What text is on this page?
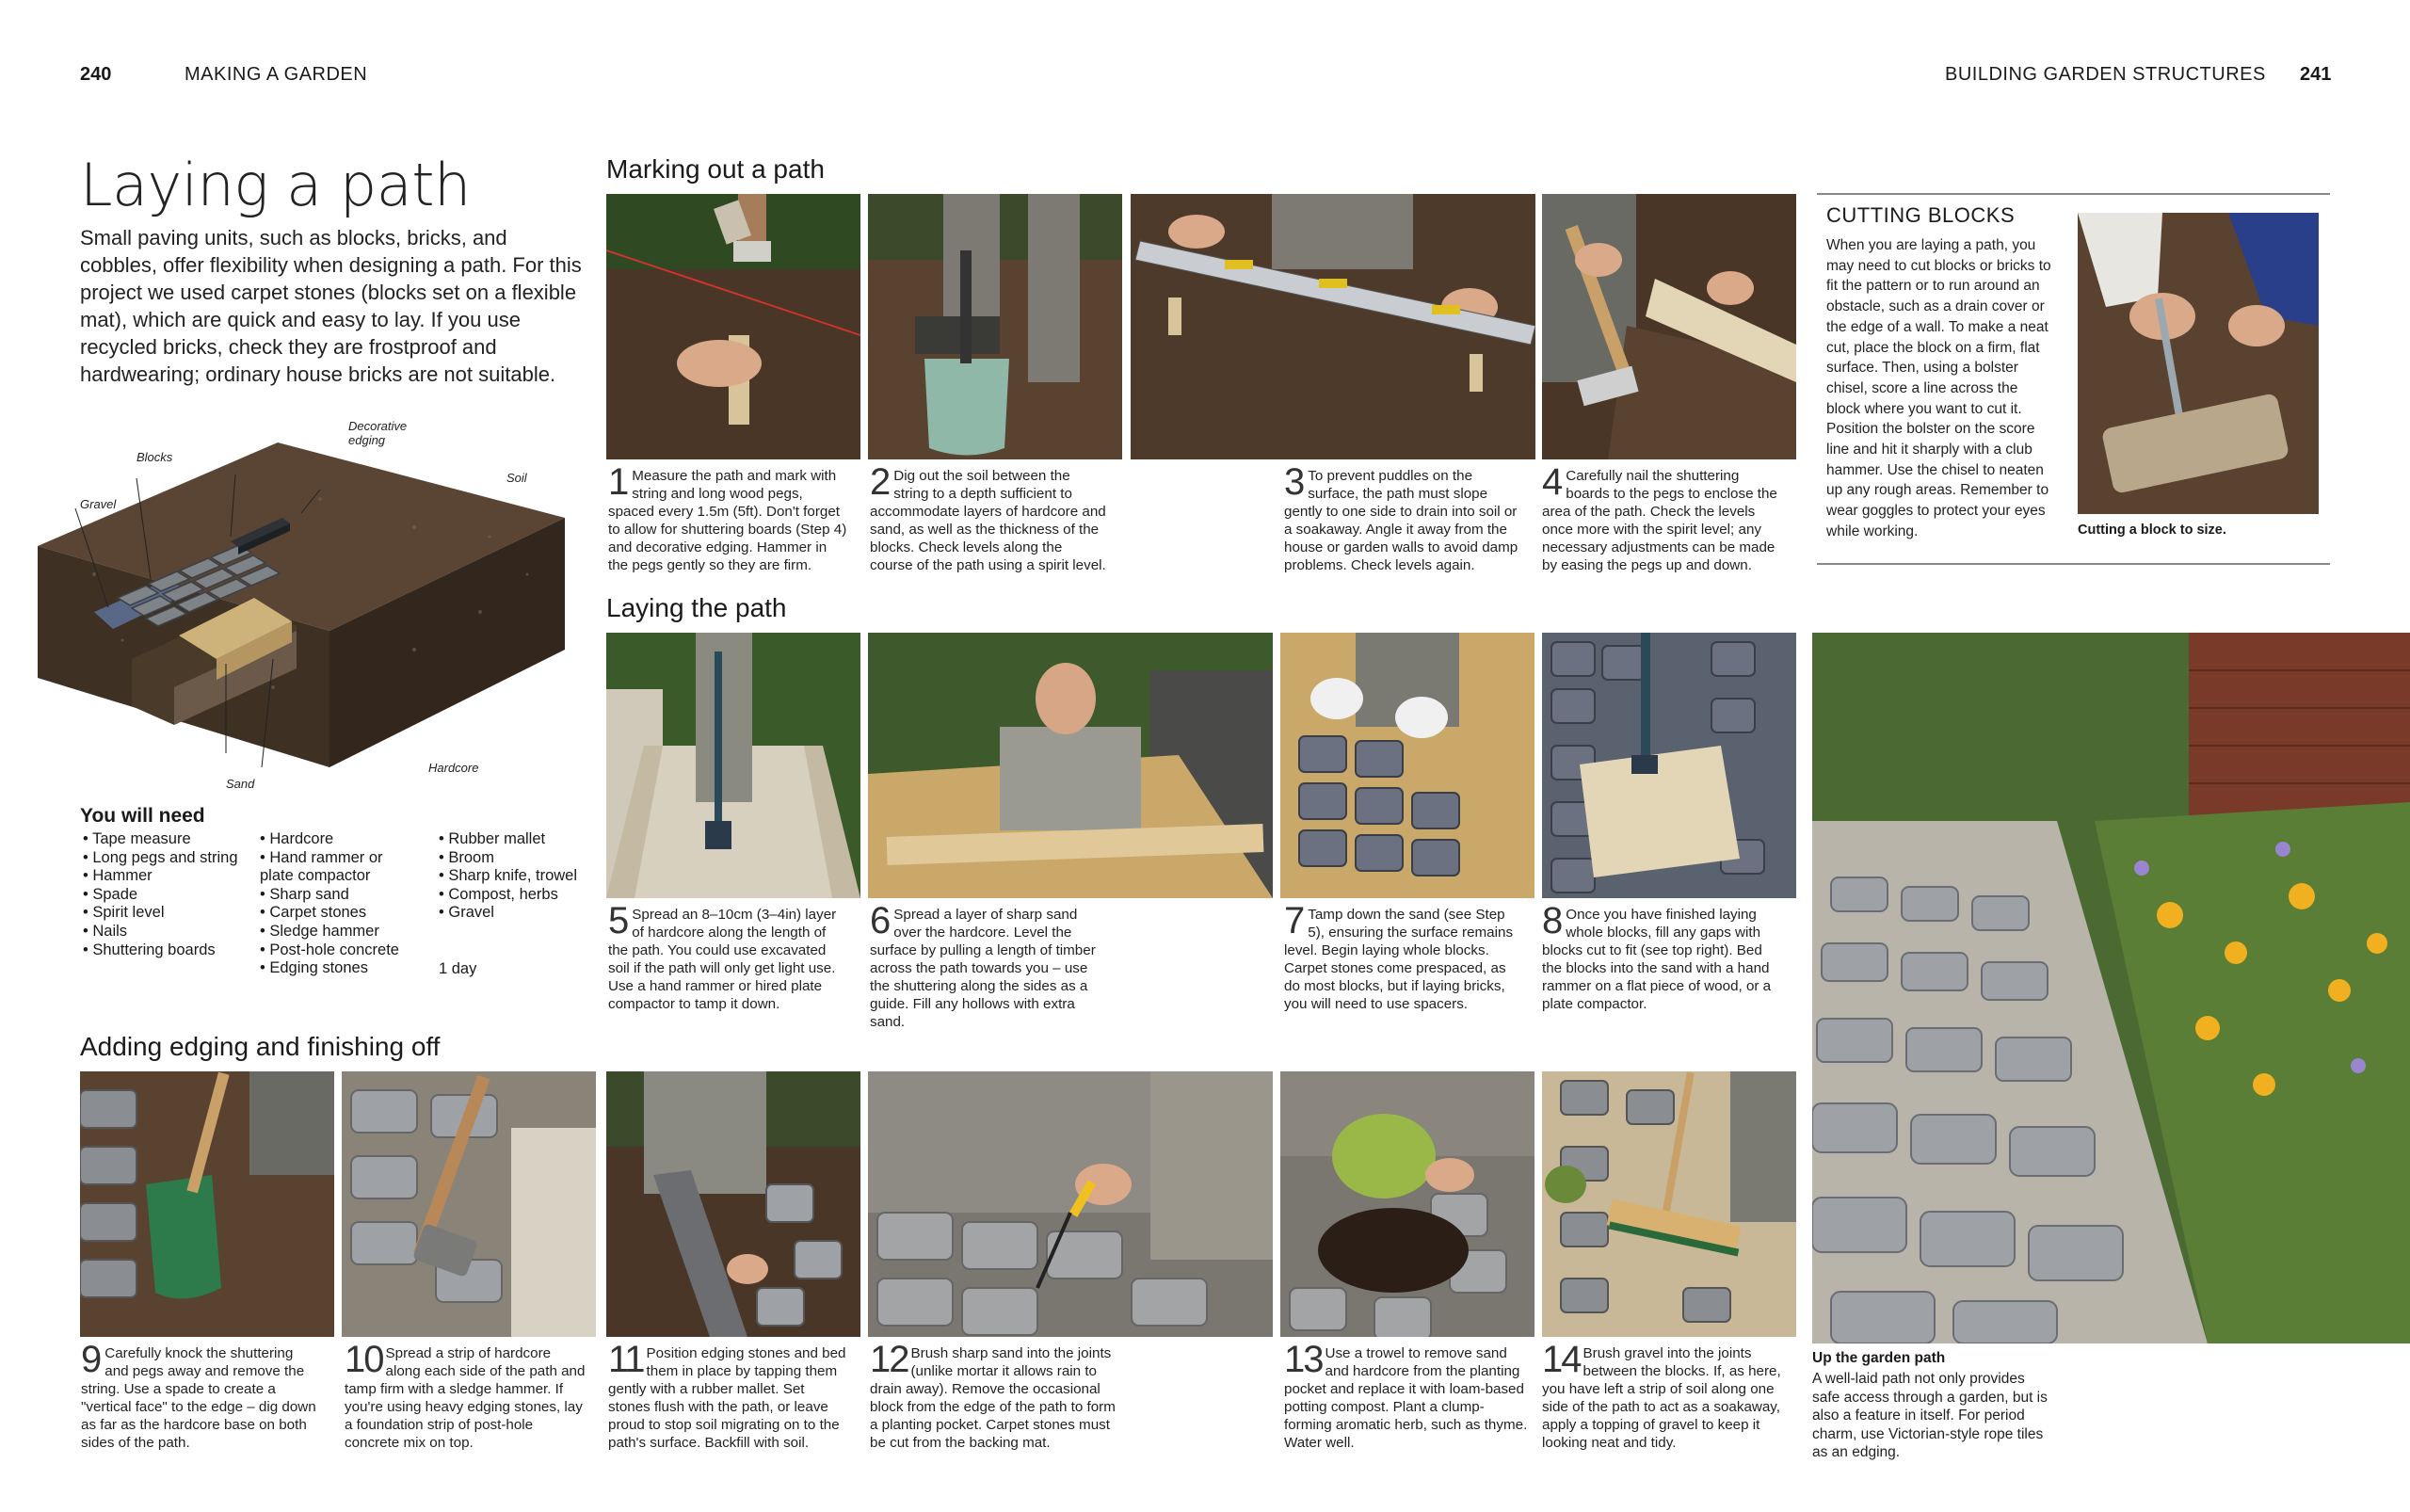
240	MAKING A GARDEN	BUILDING GARDEN STRUCTURES 241
Laying a path
Small paving units, such as blocks, bricks, and cobbles, offer flexibility when designing a path. For this project we used carpet stones (blocks set on a flexible mat), which are quick and easy to lay. If you use recycled bricks, check they are frostproof and hardwearing; ordinary house bricks are not suitable.
Decorative edging
Blocks
Soil
Gravel
Sand
Hardcore
You will need
• Tape measure
• Long pegs and string
• Hammer
• Spade
• Spirit level
• Nails
• Shuttering boards
• Hardcore
• Hand rammer or plate compactor
• Sharp sand
• Carpet stones
• Sledge hammer
• Post-hole concrete
• Edging stones
• Rubber mallet
• Broom
• Sharp knife, trowel
• Compost, herbs
• Gravel
1 day
Marking out a path
Laying the path
Adding edging and finishing off
1 Measure the path and mark with string and long wood pegs, spaced every 1.5m (5ft). Don't forget to allow for shuttering boards (Step 4) and decorative edging. Hammer in the pegs gently so they are firm.
2 Dig out the soil between the string to a depth sufficient to accommodate layers of hardcore and sand, as well as the thickness of the blocks. Check levels along the course of the path using a spirit level.
3 To prevent puddles on the surface, the path must slope gently to one side to drain into soil or a soakaway. Angle it away from the house or garden walls to avoid damp problems. Check levels again.
4 Carefully nail the shuttering boards to the pegs to enclose the area of the path. Check the levels once more with the spirit level; any necessary adjustments can be made by easing the pegs up and down.
CUTTING BLOCKS
When you are laying a path, you may need to cut blocks or bricks to fit the pattern or to run around an obstacle, such as a drain cover or the edge of a wall. To make a neat cut, place the block on a firm, flat surface. Then, using a bolster chisel, score a line across the block where you want to cut it. Position the bolster on the score line and hit it sharply with a club hammer. Use the chisel to neaten up any rough areas. Remember to wear goggles to protect your eyes while working.	Cutting a block to size.
5 Spread an 8–10cm (3–4in) layer of hardcore along the length of the path. You could use excavated soil if the path will only get light use. Use a hand rammer or hired plate compactor to tamp it down.
6 Spread a layer of sharp sand over the hardcore. Level the surface by pulling a length of timber across the path towards you – use the shuttering along the sides as a guide. Fill any hollows with extra sand.
7 Tamp down the sand (see Step 5), ensuring the surface remains level. Begin laying whole blocks. Carpet stones come prespaced, as do most blocks, but if laying bricks, you will need to use spacers.
8 Once you have finished laying whole blocks, fill any gaps with blocks cut to fit (see top right). Bed the blocks into the sand with a hand rammer on a flat piece of wood, or a plate compactor.
Up the garden path
A well-laid path not only provides safe access through a garden, but is also a feature in itself. For period charm, use Victorian-style rope tiles as an edging.
9 Carefully knock the shuttering and pegs away and remove the string. Use a spade to create a "vertical face" to the edge – dig down as far as the hardcore base on both sides of the path.
10 Spread a strip of hardcore along each side of the path and tamp firm with a sledge hammer. If you're using heavy edging stones, lay a foundation strip of post-hole concrete mix on top.
11 Position edging stones and bed them in place by tapping them gently with a rubber mallet. Set stones flush with the path, or leave proud to stop soil migrating on to the path's surface. Backfill with soil.
12 Brush sharp sand into the joints (unlike mortar it allows rain to drain away). Remove the occasional block from the edge of the path to form a planting pocket. Carpet stones must be cut from the backing mat.
13 Use a trowel to remove sand and hardcore from the planting pocket and replace it with loam-based potting compost. Plant a clump-forming aromatic herb, such as thyme. Water well.
14 Brush gravel into the joints between the blocks. If, as here, you have left a strip of soil along one side of the path to act as a soakaway, apply a topping of gravel to keep it looking neat and tidy.
